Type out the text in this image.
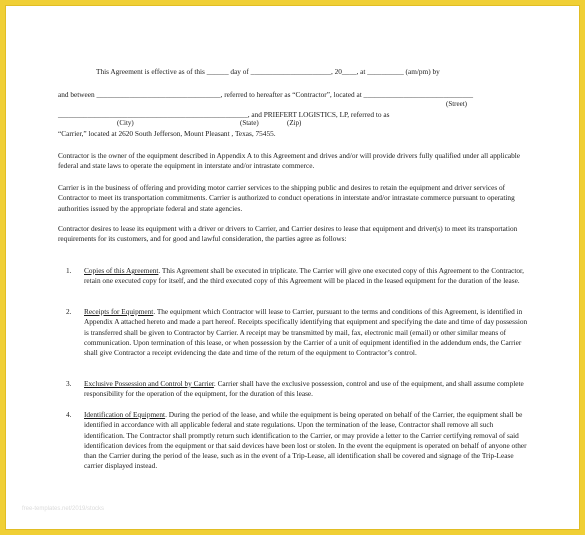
This Agreement is effective as of this ______ day of ______________________, 20____, at __________ (am/pm) by
and between __________________________________, referred to hereafter as “Contractor”, located at ______________________________
(Street)
____________________________________________________, and PRIEFERT LOGISTICS, LP, referred to as
(City)	(State)	(Zip)
“Carrier,” located at 2620 South Jefferson, Mount Pleasant , Texas, 75455.
Contractor is the owner of the equipment described in Appendix A to this Agreement and drives and/or will provide drivers fully qualified under all applicable federal and state laws to operate the equipment in interstate and/or intrastate commerce.
Carrier is in the business of offering and providing motor carrier services to the shipping public and desires to retain the equipment and driver services of Contractor to meet its transportation commitments. Carrier is authorized to conduct operations in interstate and/or intrastate commerce pursuant to operating authorities issued by the appropriate federal and state agencies.
Contractor desires to lease its equipment with a driver or drivers to Carrier, and Carrier desires to lease that equipment and driver(s) to meet its transportation requirements for its customers, and for good and lawful consideration, the parties agree as follows:
1. Copies of this Agreement. This Agreement shall be executed in triplicate. The Carrier will give one executed copy of this Agreement to the Contractor, retain one executed copy for itself, and the third executed copy of this Agreement will be placed in the leased equipment for the duration of the lease.
2. Receipts for Equipment. The equipment which Contractor will lease to Carrier, pursuant to the terms and conditions of this Agreement, is identified in Appendix A attached hereto and made a part hereof. Receipts specifically identifying that equipment and specifying the date and time of day possession is transferred shall be given to Contractor by Carrier. A receipt may be transmitted by mail, fax, electronic mail (email) or other similar means of communication. Upon termination of this lease, or when possession by the Carrier of a unit of equipment identified in the addendum ends, the Carrier shall give Contractor a receipt evidencing the date and time of the return of the equipment to Contractor’s control.
3. Exclusive Possession and Control by Carrier. Carrier shall have the exclusive possession, control and use of the equipment, and shall assume complete responsibility for the operation of the equipment, for the duration of this lease.
4. Identification of Equipment. During the period of the lease, and while the equipment is being operated on behalf of the Carrier, the equipment shall be identified in accordance with all applicable federal and state regulations. Upon the termination of the lease, Contractor shall remove all such identification. The Contractor shall promptly return such identification to the Carrier, or may provide a letter to the Carrier certifying removal of said identification devices from the equipment or that said devices have been lost or stolen. In the event the equipment is operated on behalf of anyone other than the Carrier during the period of the lease, such as in the event of a Trip-Lease, all identification shall be covered and signage of the Trip-Lease carrier displayed instead.
free-templates.net/2019/stocks
